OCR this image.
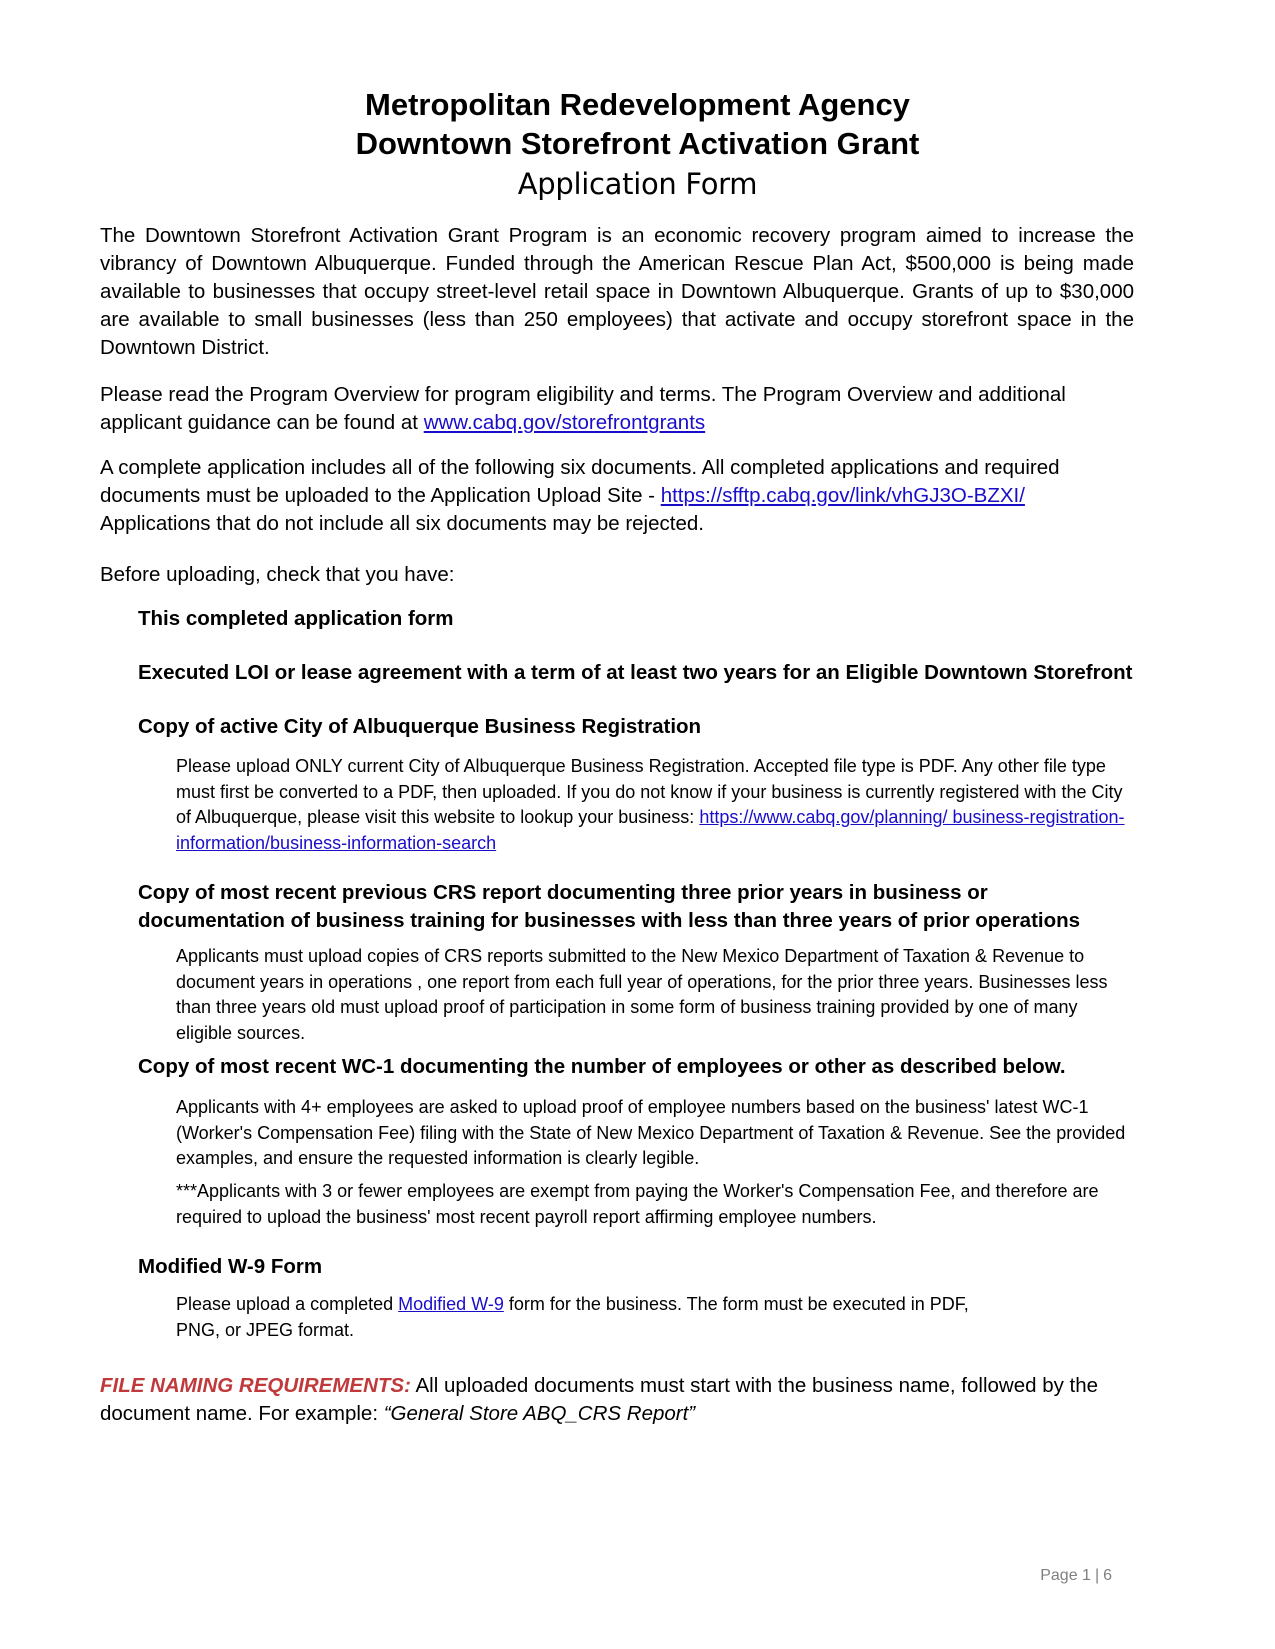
Metropolitan Redevelopment Agency
Downtown Storefront Activation Grant
Application Form
The Downtown Storefront Activation Grant Program is an economic recovery program aimed to increase the vibrancy of Downtown Albuquerque. Funded through the American Rescue Plan Act, $500,000 is being made available to businesses that occupy street-level retail space in Downtown Albuquerque. Grants of up to $30,000 are available to small businesses (less than 250 employees) that activate and occupy storefront space in the Downtown District.
Please read the Program Overview for program eligibility and terms. The Program Overview and additional applicant guidance can be found at www.cabq.gov/storefrontgrants
A complete application includes all of the following six documents. All completed applications and required documents must be uploaded to the Application Upload Site - https://sfftp.cabq.gov/link/vhGJ3O-BZXI/
Applications that do not include all six documents may be rejected.
Before uploading, check that you have:
This completed application form
Executed LOI or lease agreement with a term of at least two years for an Eligible Downtown Storefront
Copy of active City of Albuquerque Business Registration
Please upload ONLY current City of Albuquerque Business Registration. Accepted file type is PDF. Any other file type must first be converted to a PDF, then uploaded. If you do not know if your business is currently registered with the City of Albuquerque, please visit this website to lookup your business: https://www.cabq.gov/planning/ business-registration-information/business-information-search
Copy of most recent previous CRS report documenting three prior years in business or documentation of business training for businesses with less than three years of prior operations
Applicants must upload copies of CRS reports submitted to the New Mexico Department of Taxation & Revenue to document years in operations , one report from each full year of operations, for the prior three years. Businesses less than three years old must upload proof of participation in some form of business training provided by one of many eligible sources.
Copy of most recent WC-1 documenting the number of employees or other as described below.
Applicants with 4+ employees are asked to upload proof of employee numbers based on the business' latest WC-1 (Worker's Compensation Fee) filing with the State of New Mexico Department of Taxation & Revenue. See the provided examples, and ensure the requested information is clearly legible.
***Applicants with 3 or fewer employees are exempt from paying the Worker's Compensation Fee, and therefore are required to upload the business' most recent payroll report affirming employee numbers.
Modified W-9 Form
Please upload a completed Modified W-9 form for the business. The form must be executed in PDF, PNG, or JPEG format.
FILE NAMING REQUIREMENTS: All uploaded documents must start with the business name, followed by the document name. For example: “General Store ABQ_CRS Report”
Page 1 | 6
